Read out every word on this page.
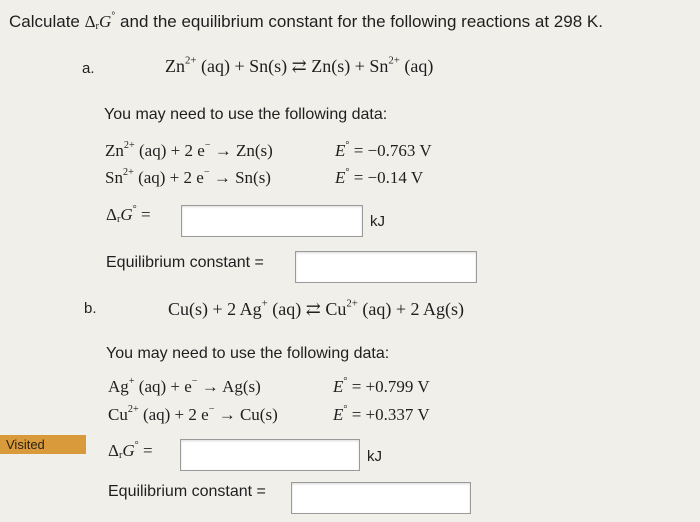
Calculate $\Delta_rG^\circ$ and the equilibrium constant for the following reactions at 298 K.
a.	$Zn^{2+}$ (aq) + Sn(s) ⇄ $Zn(s) + Sn^{2+}$ (aq)
You may need to use the following data:
$Zn^{2+}$ (aq) + 2 e− → Zn(s)	E° = −0.763 V
$Sn^{2+}$ (aq) + 2 e− → Sn(s)	E° = −0.14 V
$\Delta_rG^\circ$ =	kJ
Equilibrium constant =
b.	Cu(s) + 2 Ag+ (aq) ⇄ $Cu^{2+}$ (aq) + 2 Ag(s)
You may need to use the following data:
Ag+ (aq) + e− → Ag(s)	E° = +0.799 V
$Cu^{2+}$ (aq) + 2 e− → Cu(s)	E° = +0.337 V
Visited	$\Delta_rG^\circ$ =	kJ
Equilibrium constant =
